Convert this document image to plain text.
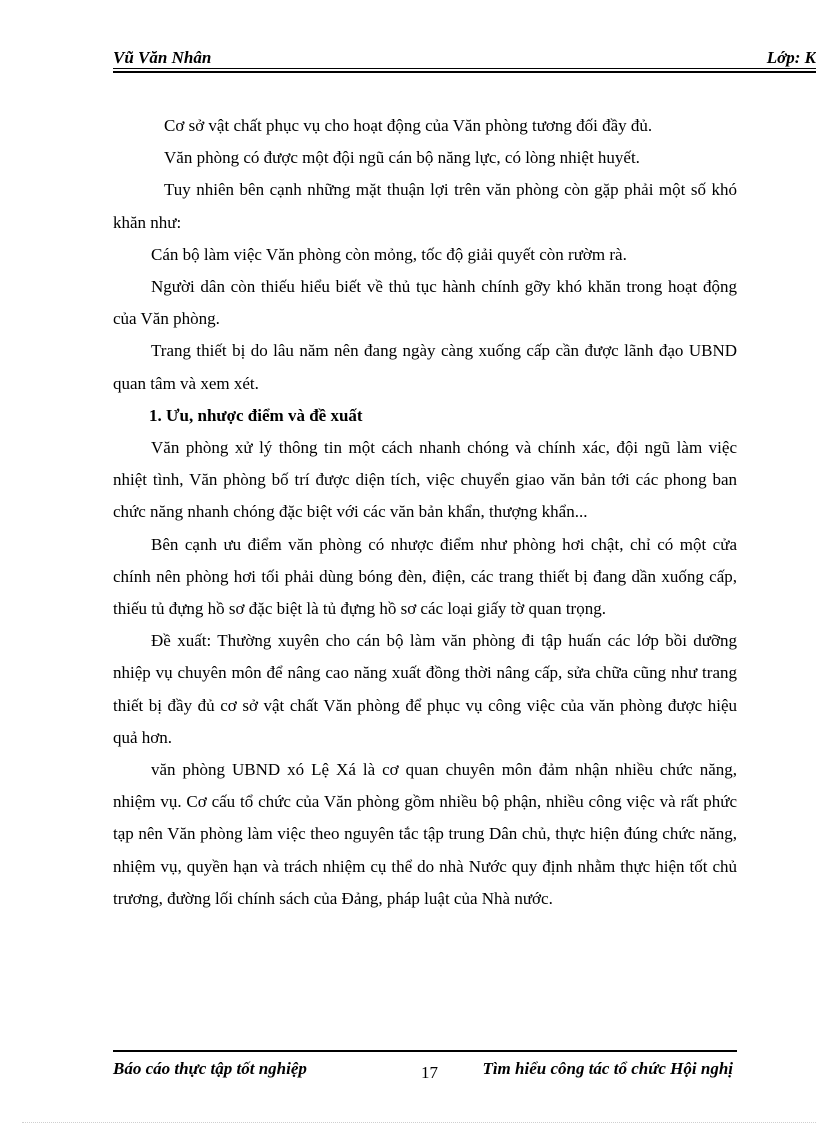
Vũ Văn Nhân	Lớp: K

Cơ sở vật chất phục vụ cho hoạt động của Văn phòng tương đối đầy đủ.

Văn phòng có được một đội ngũ cán bộ năng lực, có lòng nhiệt huyết.

Tuy nhiên bên cạnh những mặt thuận lợi trên văn phòng còn gặp phải một số khó khăn như:

Cán bộ làm việc Văn phòng còn mỏng, tốc độ giải quyết còn rườm rà.

Người dân còn thiếu hiểu biết về thủ tục hành chính gỡy khó khăn trong hoạt động của Văn phòng.

Trang thiết bị do lâu năm nên đang ngày càng xuống cấp cần được lãnh đạo UBND quan tâm và xem xét.

1. Ưu, nhược điểm và đề xuất

Văn phòng xử lý thông tin một cách nhanh chóng và chính xác, đội ngũ làm việc nhiệt tình, Văn phòng bố trí được diện tích, việc chuyển giao văn bản tới các phong ban chức năng nhanh chóng đặc biệt với các văn bản khẩn, thượng khẩn...

Bên cạnh ưu điểm văn phòng có nhược điểm như phòng hơi chật, chỉ có một cửa chính nên phòng hơi tối phải dùng bóng đèn, điện, các trang thiết bị đang dần xuống cấp, thiếu tủ đựng hồ sơ đặc biệt là tủ đựng hồ sơ các loại giấy tờ quan trọng.

Đề xuất: Thường xuyên cho cán bộ làm văn phòng đi tập huấn các lớp bồi dưỡng nhiệp vụ chuyên môn để nâng cao năng xuất đồng thời nâng cấp, sửa chữa cũng như trang thiết bị đầy đủ cơ sở vật chất Văn phòng để phục vụ công việc của văn phòng được hiệu quả hơn.

văn phòng UBND xó Lệ Xá là cơ quan chuyên môn đảm nhận nhiều chức năng, nhiệm vụ. Cơ cấu tổ chức của Văn phòng gồm nhiều bộ phận, nhiều công việc và rất phức tạp nên Văn phòng làm việc theo nguyên tắc tập trung Dân chủ, thực hiện đúng chức năng, nhiệm vụ, quyền hạn và trách nhiệm cụ thể do nhà Nước quy định nhằm thực hiện tốt chủ trương, đường lối chính sách của Đảng, pháp luật của Nhà nước.

Báo cáo thực tập tốt nghiệp	17	Tìm hiểu công tác tổ chức Hội nghị
